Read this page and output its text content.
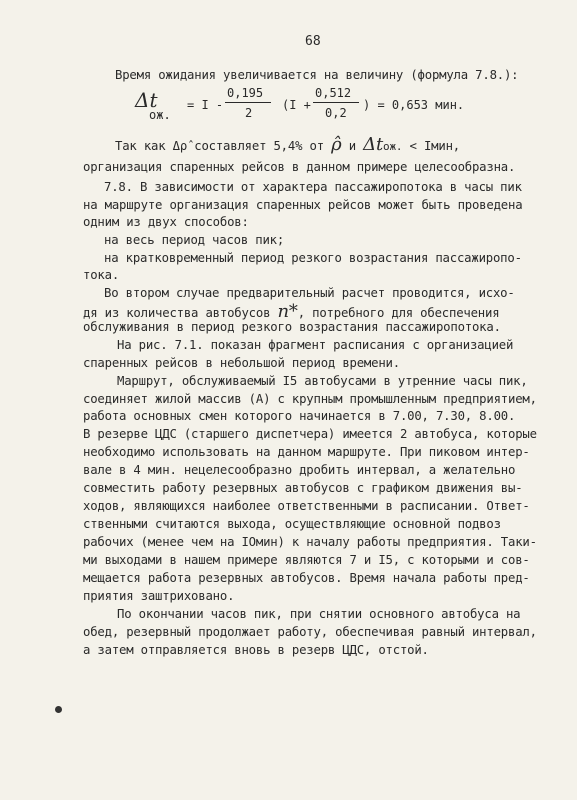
68
Время ожидания увеличивается на величину (формула 7.8.):
Δt
ож.
= I -
0,195
2
(I +
0,512
0,2
) = 0,653 мин.
Так как Δρ̂ составляет 5,4% от ρ̂ и Δtож. < Iмин,
организация спаренных рейсов в данном примере целесообразна.
7.8. В зависимости от характера пассажиропотока в часы пик
на маршруте организация спаренных рейсов может быть проведена
одним из двух способов:
на весь период часов пик;
на кратковременный период резкого возрастания пассажиропо-
тока.
Во втором случае предварительный расчет проводится, исхо-
дя из количества автобусов n*, потребного для обеспечения
обслуживания в период резкого возрастания пассажиропотока.
На рис. 7.1. показан фрагмент расписания с организацией
спаренных рейсов в небольшой период времени.
Маршрут, обслуживаемый I5 автобусами в утренние часы пик,
соединяет жилой массив (А) с крупным промышленным предприятием,
работа основных смен которого начинается в 7.00, 7.30, 8.00.
В резерве ЦДС (старшего диспетчера) имеется 2 автобуса, которые
необходимо использовать на данном маршруте. При пиковом интер-
вале в 4 мин. нецелесообразно дробить интервал, а желательно
совместить работу резервных автобусов с графиком движения вы-
ходов, являющихся наиболее ответственными в расписании. Ответ-
ственными считаются выхода, осуществляющие основной подвоз
рабочих (менее чем на IOмин) к началу работы предприятия. Таки-
ми выходами в нашем примере являются 7 и I5, с которыми и сов-
мещается работа резервных автобусов. Время начала работы пред-
приятия заштриховано.
По окончании часов пик, при снятии основного автобуса на
обед, резервный продолжает работу, обеспечивая равный интервал,
а затем отправляется вновь в резерв ЦДС, отстой.
